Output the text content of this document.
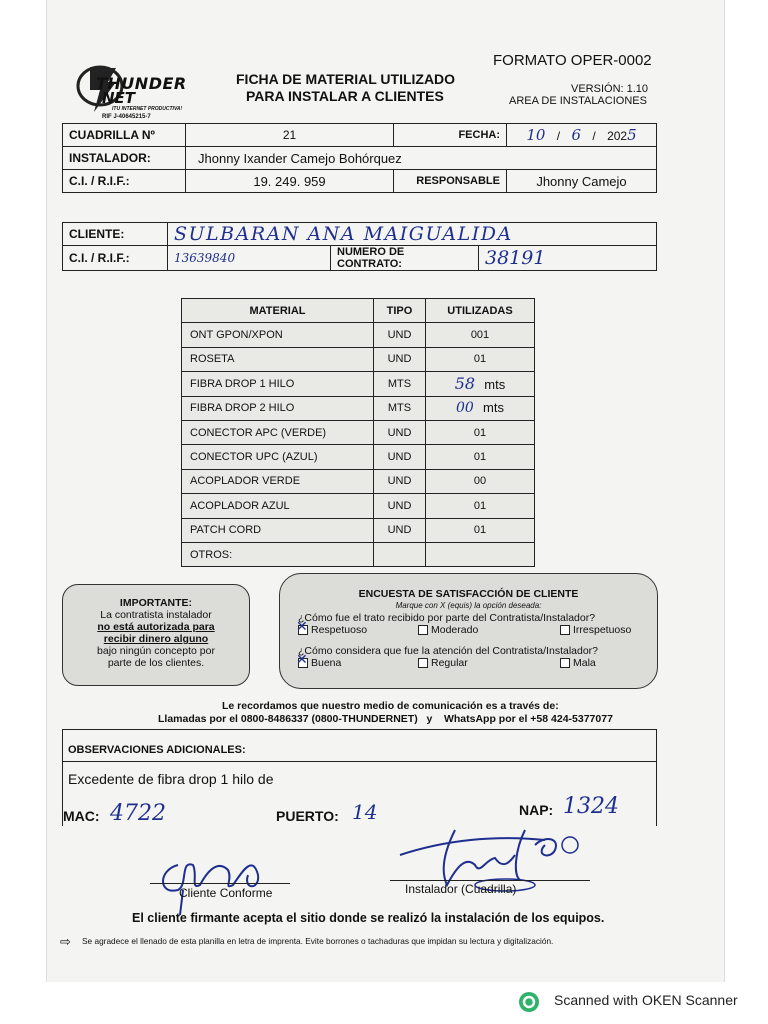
FORMATO OPER-0002
FICHA DE MATERIAL UTILIZADO
PARA INSTALAR A CLIENTES	VERSIÓN: 1.10
AREA DE INSTALACIONES
THUNDER
NET
ITU INTERNET PRODUCTIVA!
RIF J-40645215-7
CUADRILLA Nº	21	FECHA:	10 / 6 / 2025
INSTALADOR:	Jhonny Ixander Camejo Bohórquez		
C.I. / R.I.F.:	19. 249. 959	RESPONSABLE	Jhonny Camejo
CLIENTE:	SULBARAN ANA MAIGUALIDA		
C.I. / R.I.F.:	13639840	NUMERO DE CONTRATO:	38191
MATERIAL	TIPO	UTILIZADAS
ONT GPON/XPON	UND	001
ROSETA	UND	01
FIBRA DROP 1 HILO	MTS	58 mts
FIBRA DROP 2 HILO	MTS	00 mts
CONECTOR APC (VERDE)	UND	01
CONECTOR UPC (AZUL)	UND	01
ACOPLADOR VERDE	UND	00
ACOPLADOR AZUL	UND	01
PATCH CORD	UND	01
OTROS:		
IMPORTANTE:
La contratista instalador
no está autorizada para
recibir dinero alguno
bajo ningún concepto por
parte de los clientes.
ENCUESTA DE SATISFACCIÓN DE CLIENTE
Marque con X (equis) la opción deseada:
¿Cómo fue el trato recibido por parte del Contratista/Instalador?
✕ Respetuoso	Moderado	Irrespetuoso
¿Cómo considera que fue la atención del Contratista/Instalador?
✕ Buena	Regular	Mala
Le recordamos que nuestro medio de comunicación es a través de:
Llamadas por el 0800-8486337 (0800-THUNDERNET)   y    WhatsApp por el +58 424-5377077
OBSERVACIONES ADICIONALES:
Excedente de fibra drop 1 hilo de
MAC: 4722	PUERTO: 14	NAP: 1324
Cliente Conforme	Instalador (Cuadrilla)
El cliente firmante acepta el sitio donde se realizó la instalación de los equipos.
⇨ Se agradece el llenado de esta planilla en letra de imprenta. Evite borrones o tachaduras que impidan su lectura y digitalización.
Scanned with OKEN Scanner
